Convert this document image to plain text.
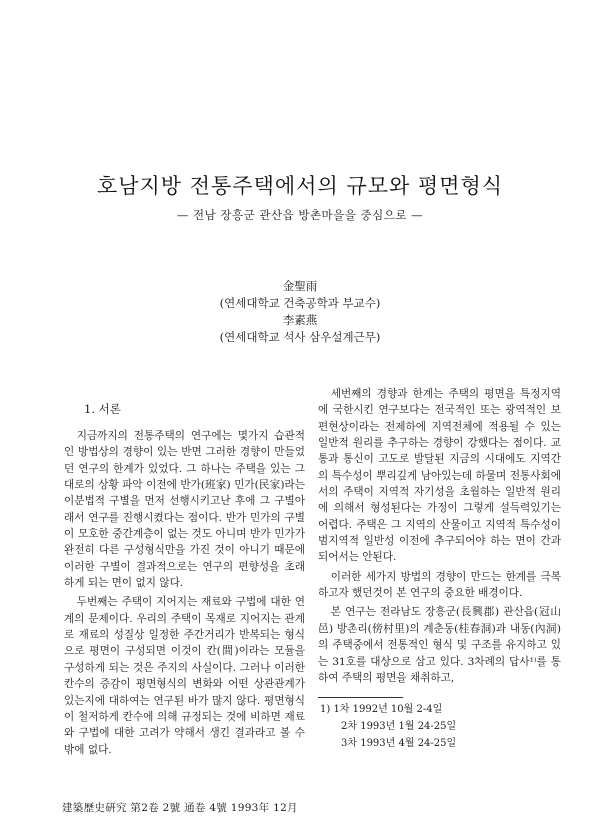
호남지방 전통주택에서의 규모와 평면형식
— 전남 장흥군 관산읍 방촌마을을 중심으로 —
金聖雨
(연세대학교 건축공학과 부교수)
李素燕
(연세대학교 석사 삼우설계근무)
1. 서론

지금까지의 전통주택의 연구에는 몇가지 습관적인 방법상의 경향이 있는 반면 그러한 경향이 만들었던 연구의 한계가 있었다. 그 하나는 주택을 있는 그대로의 상황 파악 이전에 반가(班家) 민가(民家)라는 이분법적 구별을 먼저 선행시키고난 후에 그 구별아래서 연구를 진행시켰다는 점이다. 반가 민가의 구별이 모호한 중간계층이 없는 것도 아니며 반가 민가가 완전히 다른 구성형식만을 가진 것이 아니기 때문에 이러한 구별이 결과적으로는 연구의 편향성을 초래하게 되는 면이 없지 않다.

두번째는 주택이 지어지는 재료와 구법에 대한 연계의 문제이다. 우리의 주택이 목재로 지어지는 관계로 재료의 성질상 일정한 주간거리가 반복되는 형식으로 평면이 구성되면 이것이 칸(間)이라는 모듈을 구성하게 되는 것은 주지의 사실이다. 그러나 이러한 칸수의 증감이 평면형식의 변화와 어떤 상관관계가 있는지에 대하여는 연구된 바가 많지 않다. 평면형식이 철저하게 칸수에 의해 규정되는 것에 비하면 재료와 구법에 대한 고려가 약해서 생긴 결과라고 볼 수 밖에 없다.

세번째의 경향과 한계는 주택의 평면을 특정지역에 국한시킨 연구보다는 전국적인 또는 광역적인 보편현상이라는 전제하에 지역전체에 적용될 수 있는 일반적 원리를 추구하는 경향이 강했다는 점이다. 교통과 통신이 고도로 발달된 지금의 시대에도 지역간의 특수성이 뿌리깊게 남아있는데 하물며 전통사회에서의 주택이 지역적 자기성을 초월하는 일반적 원리에 의해서 형성된다는 가정이 그렇게 설득력있기는 어렵다. 주택은 그 지역의 산물이고 지역적 특수성이 범지역적 일반성 이전에 추구되어야 하는 면이 간과되어서는 안된다.

이러한 세가지 방법의 경향이 만드는 한계를 극복하고자 했던것이 본 연구의 중요한 배경이다.

본 연구는 전라남도 장흥군(長興郡) 관산읍(冠山邑) 방촌리(傍村里)의 계춘동(桂春洞)과 내동(內洞)의 주택중에서 전통적인 형식 및 구조를 유지하고 있는 31호를 대상으로 삼고 있다. 3차례의 답사¹⁾를 통하여 주택의 평면을 채취하고,

1) 1차 1992년 10월 2-4일
2차 1993년 1월 24-25일
3차 1993년 4월 24-25일
建築歷史硏究 第2卷 2號 通卷 4號 1993年 12月
